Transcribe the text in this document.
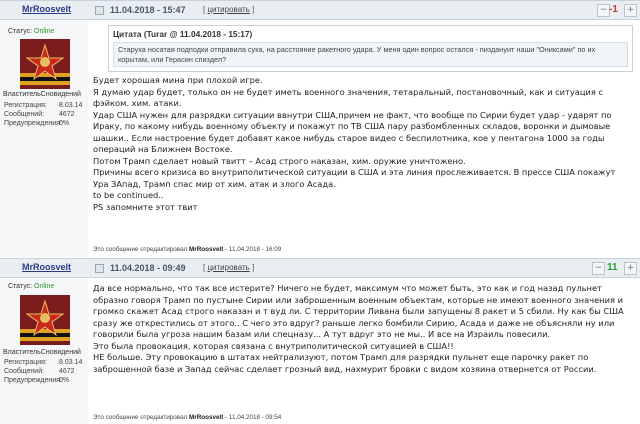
MrRoosvelt	11.04.2018 - 15:47 [ цитировать ]	− -1 +
Статус: Online
ВластительСновидений
Регистрация:	8.03.14
Сообщений:	4672
Предупреждения:
0%
Цитата (Turar @ 11.04.2018 - 15:17)
Старуха носатая подподки отправила сука, на расстояние ракетного удара. У меня один вопрос остался - пиздануит наши "Оникcами" по их корытам, или Герасин спиздел?

Будет хорошая мина при плохой игре.

Я думаю удар будет, только он не будет иметь военного значения, тетаральный, постановочный, как и ситуация с фэйком. хим. атаки.

Удар США нужен для разрядки ситуации ввнутри США,причем не факт, что вообще по Сирии будет удар - ударят по Ираку, по какому нибудь военному объекту и покажут по ТВ США пару разбомбленных складов, воронки и дымовые шашки.. Если настроение будет добавят какое нибудь старое видео с беспилотника, кое у пентагона 1000 за годы операций на Ближнем Востоке.

Потом Трамп сделает новый твитт – Асад строго наказан, хим. оружие уничтожено.

Причины всего кризиса во внутриполитической ситуации в США и эта линия прослеживается. В прессе США покажут Ура ЗАпад, Трамп спас мир от хим. атак и злого Асада.

to be continued..

PS запомните этот твит

Это сообщение отредактировал MrRoosvelt - 11.04.2018 - 16:09
MrRoosvelt	11.04.2018 - 09:49 [ цитировать ]	− 11	+
Статус: Online
ВластительСновидений
Регистрация:	8.03.14
Сообщений:	4672
Предупреждения:
0%

Да все нормально, что так все истерите? Ничего не будет, максимум что может быть, это как и год назад пульнет образно говоря Трамп по пустыне Сирии или заброшенным военным объектам, которые не имеют военного значения и громко скажет Асад строго наказан и т вуд ли. С территории Ливана были запущены 8 ракет и 5 сбили. Ну как бы США сразу же открестились от этого.. С чего это вдруг? раньше легко бомбили Сирию, Асада и даже не объясняли ну или говорили была угроза нашим базам или спецназу... А тут вдруг это не мы.. И все на Израиль повесили.

Это была провокация, которая связана с внутриполитической ситуацией в США!!

НЕ больше. Эту провокацию в штатах нейтрализуют, потом Трамп для разрядки пульнет еще парочку ракет по заброшенной базе и Запад сейчас сделает грозный вид, нахмурит бровки с видом хозяина отвернется от России.

Это сообщение отредактировал MrRoosvelt - 11.04.2018 - 09:54
